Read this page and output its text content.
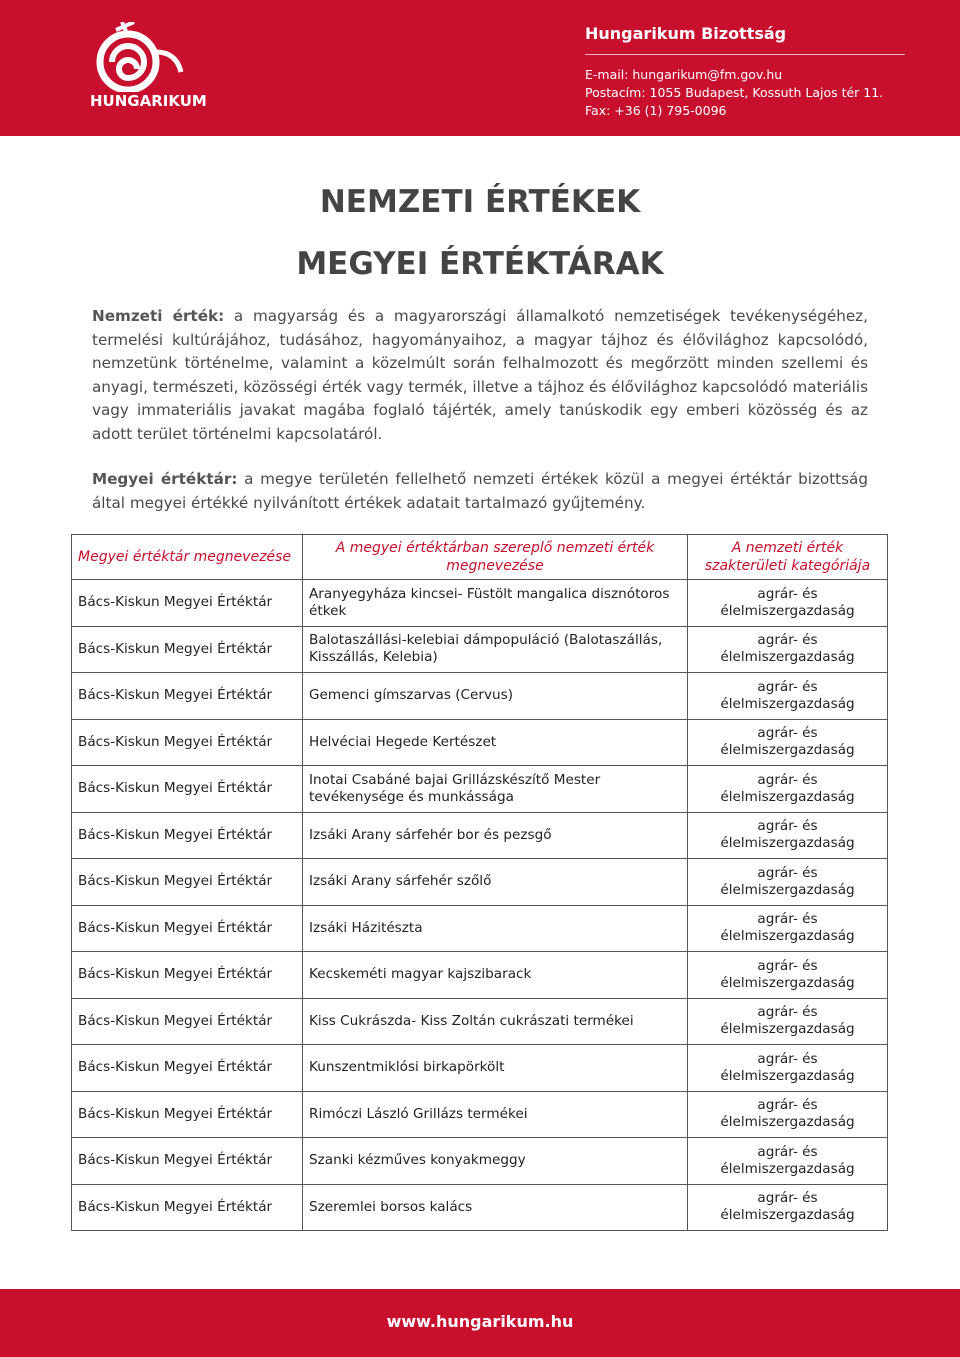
HUNGARIKUM
Hungarikum Bizottság
E-mail: hungarikum@fm.gov.hu
Postacím: 1055 Budapest, Kossuth Lajos tér 11.
Fax: +36 (1) 795-0096
NEMZETI ÉRTÉKEK
MEGYEI ÉRTÉKTÁRAK
Nemzeti érték: a magyarság és a magyarországi államalkotó nemzetiségek tevékenységéhez, termelési kultúrájához, tudásához, hagyományaihoz, a magyar tájhoz és élővilághoz kapcsolódó, nemzetünk történelme, valamint a közelmúlt során felhalmozott és megőrzött minden szellemi és anyagi, természeti, közösségi érték vagy termék, illetve a tájhoz és élővilághoz kapcsolódó materiális vagy immateriális javakat magába foglaló tájérték, amely tanúskodik egy emberi közösség és az adott terület történelmi kapcsolatáról.
Megyei értéktár: a megye területén fellelhető nemzeti értékek közül a megyei értéktár bizottság által megyei értékké nyilvánított értékek adatait tartalmazó gyűjtemény.
Megyei értéktár megnevezése	A megyei értéktárban szereplő nemzeti érték megnevezése	A nemzeti érték szakterületi kategóriája
Bács-Kiskun Megyei Értéktár	Aranyegyháza kincsei- Füstölt mangalica disznótoros étkek	agrár- és élelmiszergazdaság
Bács-Kiskun Megyei Értéktár	Balotaszállási-kelebiai dámpopuláció (Balotaszállás, Kisszállás, Kelebia)	agrár- és élelmiszergazdaság
Bács-Kiskun Megyei Értéktár	Gemenci gímszarvas (Cervus)	agrár- és élelmiszergazdaság
Bács-Kiskun Megyei Értéktár	Helvéciai Hegede Kertészet	agrár- és élelmiszergazdaság
Bács-Kiskun Megyei Értéktár	Inotai Csabáné bajai Grillázskészítő Mester tevékenysége és munkássága	agrár- és élelmiszergazdaság
Bács-Kiskun Megyei Értéktár	Izsáki Arany sárfehér bor és pezsgő	agrár- és élelmiszergazdaság
Bács-Kiskun Megyei Értéktár	Izsáki Arany sárfehér szőlő	agrár- és élelmiszergazdaság
Bács-Kiskun Megyei Értéktár	Izsáki Házitészta	agrár- és élelmiszergazdaság
Bács-Kiskun Megyei Értéktár	Kecskeméti magyar kajszibarack	agrár- és élelmiszergazdaság
Bács-Kiskun Megyei Értéktár	Kiss Cukrászda- Kiss Zoltán cukrászati termékei	agrár- és élelmiszergazdaság
Bács-Kiskun Megyei Értéktár	Kunszentmiklósi birkapörkölt	agrár- és élelmiszergazdaság
Bács-Kiskun Megyei Értéktár	Rimóczi László Grillázs termékei	agrár- és élelmiszergazdaság
Bács-Kiskun Megyei Értéktár	Szanki kézműves konyakmeggy	agrár- és élelmiszergazdaság
Bács-Kiskun Megyei Értéktár	Szeremlei borsos kalács	agrár- és élelmiszergazdaság
www.hungarikum.hu
